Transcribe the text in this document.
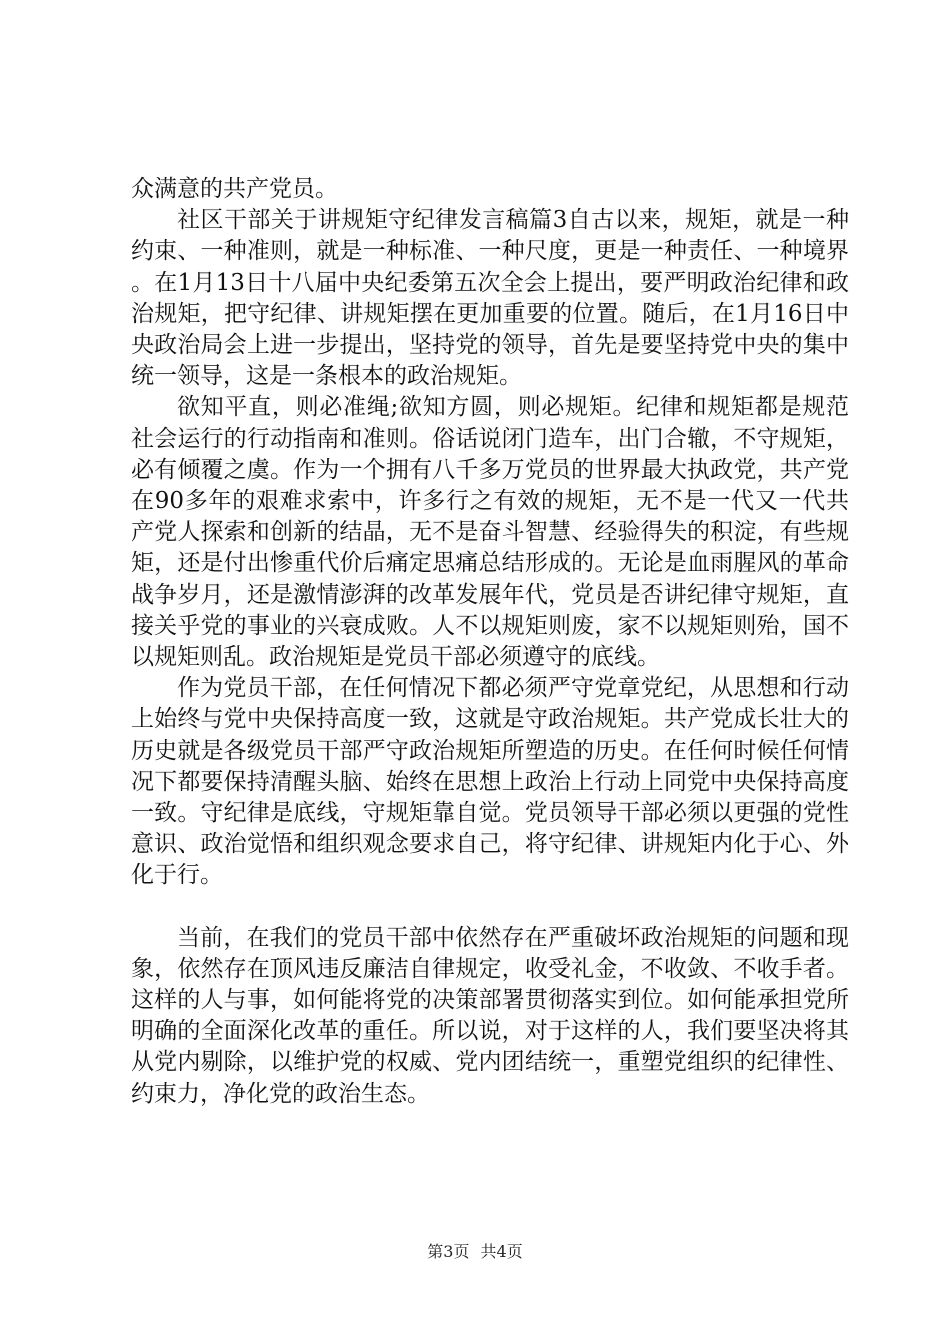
众满意的共产党员。

社区干部关于讲规矩守纪律发言稿篇3自古以来，规矩，就是一种约束、一种准则，就是一种标准、一种尺度，更是一种责任、一种境界。在1月13日十八届中央纪委第五次全会上提出，要严明政治纪律和政治规矩，把守纪律、讲规矩摆在更加重要的位置。随后，在1月16日中央政治局会上进一步提出，坚持党的领导，首先是要坚持党中央的集中统一领导，这是一条根本的政治规矩。

欲知平直，则必准绳;欲知方圆，则必规矩。纪律和规矩都是规范社会运行的行动指南和准则。俗话说闭门造车，出门合辙，不守规矩，必有倾覆之虞。作为一个拥有八千多万党员的世界最大执政党，共产党在90多年的艰难求索中，许多行之有效的规矩，无不是一代又一代共产党人探索和创新的结晶，无不是奋斗智慧、经验得失的积淀，有些规矩，还是付出惨重代价后痛定思痛总结形成的。无论是血雨腥风的革命战争岁月，还是激情澎湃的改革发展年代，党员是否讲纪律守规矩，直接关乎党的事业的兴衰成败。人不以规矩则废，家不以规矩则殆，国不以规矩则乱。政治规矩是党员干部必须遵守的底线。

作为党员干部，在任何情况下都必须严守党章党纪，从思想和行动上始终与党中央保持高度一致，这就是守政治规矩。共产党成长壮大的历史就是各级党员干部严守政治规矩所塑造的历史。在任何时候任何情况下都要保持清醒头脑、始终在思想上政治上行动上同党中央保持高度一致。守纪律是底线，守规矩靠自觉。党员领导干部必须以更强的党性意识、政治觉悟和组织观念要求自己，将守纪律、讲规矩内化于心、外化于行。

当前，在我们的党员干部中依然存在严重破坏政治规矩的问题和现象，依然存在顶风违反廉洁自律规定，收受礼金，不收敛、不收手者。这样的人与事，如何能将党的决策部署贯彻落实到位。如何能承担党所明确的全面深化改革的重任。所以说，对于这样的人，我们要坚决将其从党内剔除，以维护党的权威、党内团结统一，重塑党组织的纪律性、约束力，净化党的政治生态。

第3页 共4页
